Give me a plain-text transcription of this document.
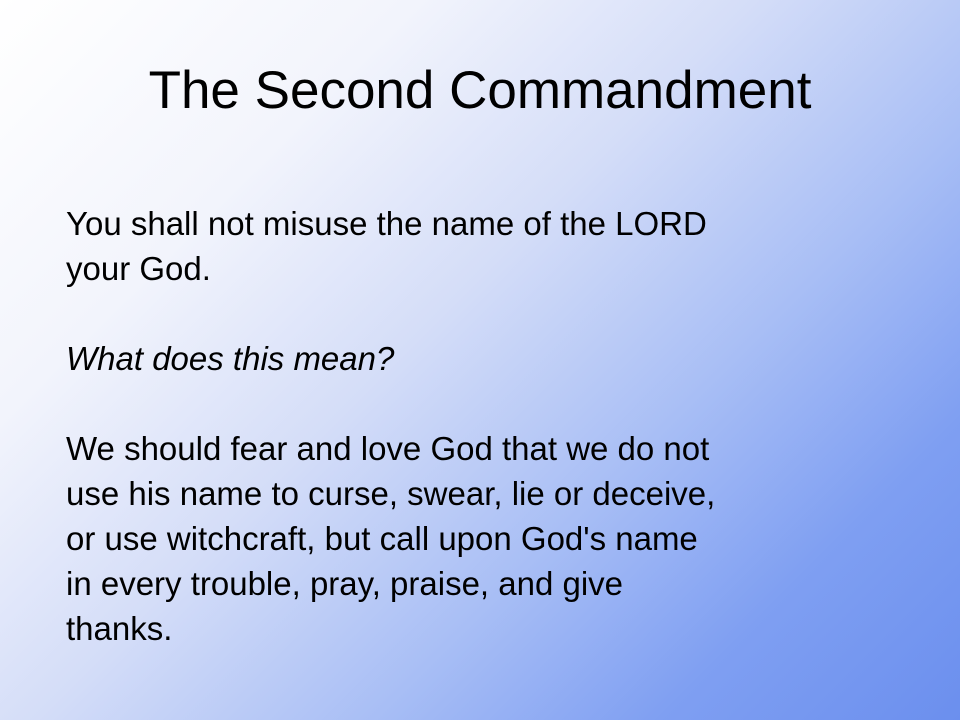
The Second Commandment

You shall not misuse the name of the LORD
your God.

What does this mean?

We should fear and love God that we do not
use his name to curse, swear, lie or deceive,
or use witchcraft, but call upon God's name
in every trouble, pray, praise, and give
thanks.
